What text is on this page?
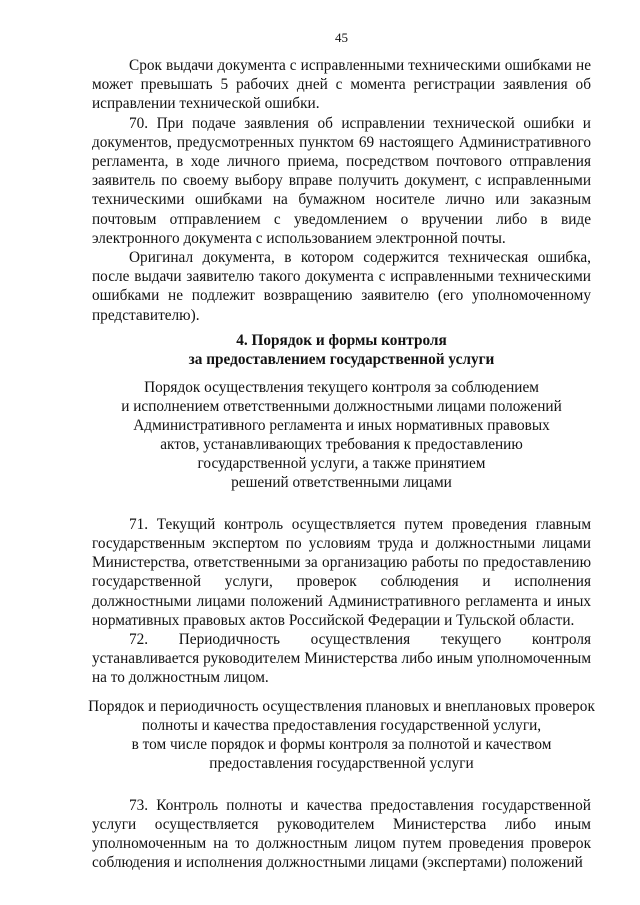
45

Срок выдачи документа с исправленными техническими ошибками не может превышать 5 рабочих дней с момента регистрации заявления об исправлении технической ошибки.

70. При подаче заявления об исправлении технической ошибки и документов, предусмотренных пунктом 69 настоящего Административного регламента, в ходе личного приема, посредством почтового отправления заявитель по своему выбору вправе получить документ, с исправленными техническими ошибками на бумажном носителе лично или заказным почтовым отправлением с уведомлением о вручении либо в виде электронного документа с использованием электронной почты.

Оригинал документа, в котором содержится техническая ошибка, после выдачи заявителю такого документа с исправленными техническими ошибками не подлежит возвращению заявителю (его уполномоченному представителю).

4. Порядок и формы контроля
за предоставлением государственной услуги
Порядок осуществления текущего контроля за соблюдением
и исполнением ответственными должностными лицами положений
Административного регламента и иных нормативных правовых
актов, устанавливающих требования к предоставлению
государственной услуги, а также принятием
решений ответственными лицами

71. Текущий контроль осуществляется путем проведения главным государственным экспертом по условиям труда и должностными лицами Министерства, ответственными за организацию работы по предоставлению государственной услуги, проверок соблюдения и исполнения должностными лицами положений Административного регламента и иных нормативных правовых актов Российской Федерации и Тульской области.

72. Периодичность осуществления текущего контроля устанавливается руководителем Министерства либо иным уполномоченным на то должностным лицом.

Порядок и периодичность осуществления плановых и внеплановых проверок
полноты и качества предоставления государственной услуги,
в том числе порядок и формы контроля за полнотой и качеством
предоставления государственной услуги

73. Контроль полноты и качества предоставления государственной услуги осуществляется руководителем Министерства либо иным уполномоченным на то должностным лицом путем проведения проверок соблюдения и исполнения должностными лицами (экспертами) положений
